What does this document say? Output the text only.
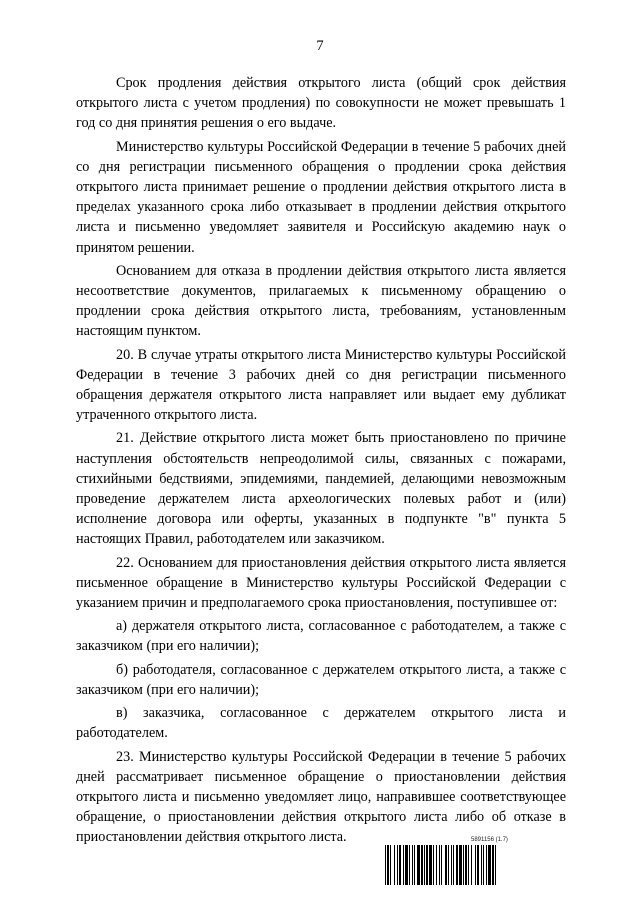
7

Срок продления действия открытого листа (общий срок действия открытого листа с учетом продления) по совокупности не может превышать 1 год со дня принятия решения о его выдаче.

Министерство культуры Российской Федерации в течение 5 рабочих дней со дня регистрации письменного обращения о продлении срока действия открытого листа принимает решение о продлении действия открытого листа в пределах указанного срока либо отказывает в продлении действия открытого листа и письменно уведомляет заявителя и Российскую академию наук о принятом решении.

Основанием для отказа в продлении действия открытого листа является несоответствие документов, прилагаемых к письменному обращению о продлении срока действия открытого листа, требованиям, установленным настоящим пунктом.

20. В случае утраты открытого листа Министерство культуры Российской Федерации в течение 3 рабочих дней со дня регистрации письменного обращения держателя открытого листа направляет или выдает ему дубликат утраченного открытого листа.

21. Действие открытого листа может быть приостановлено по причине наступления обстоятельств непреодолимой силы, связанных с пожарами, стихийными бедствиями, эпидемиями, пандемией, делающими невозможным проведение держателем листа археологических полевых работ и (или) исполнение договора или оферты, указанных в подпункте "в" пункта 5 настоящих Правил, работодателем или заказчиком.

22. Основанием для приостановления действия открытого листа является письменное обращение в Министерство культуры Российской Федерации с указанием причин и предполагаемого срока приостановления, поступившее от:

а) держателя открытого листа, согласованное с работодателем, а также с заказчиком (при его наличии);

б) работодателя, согласованное с держателем открытого листа, а также с заказчиком (при его наличии);

в) заказчика, согласованное с держателем открытого листа и работодателем.

23. Министерство культуры Российской Федерации в течение 5 рабочих дней рассматривает письменное обращение о приостановлении действия открытого листа и письменно уведомляет лицо, направившее соответствующее обращение, о приостановлении действия открытого листа либо об отказе в приостановлении действия открытого листа.	5891156 (1.7)
